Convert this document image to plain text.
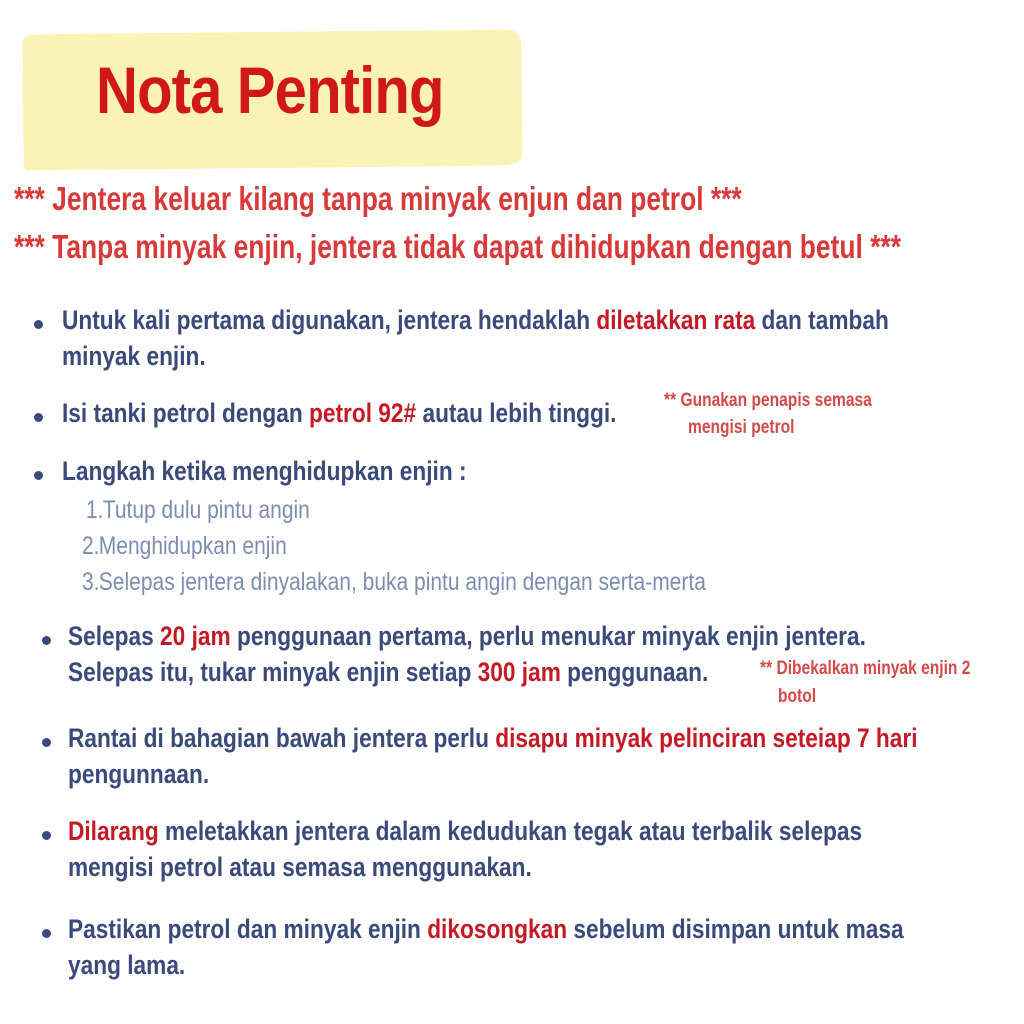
Nota Penting
*** Jentera keluar kilang tanpa minyak enjun dan petrol ***
*** Tanpa minyak enjin, jentera tidak dapat dihidupkan dengan betul ***
Untuk kali pertama digunakan, jentera hendaklah diletakkan rata dan tambah
minyak enjin.
Isi tanki petrol dengan petrol 92# autau lebih tinggi.	** Gunakan penapis semasa
mengisi petrol
Langkah ketika menghidupkan enjin :
1.Tutup dulu pintu angin
2.Menghidupkan enjin
3.Selepas jentera dinyalakan, buka pintu angin dengan serta-merta
Selepas 20 jam penggunaan pertama, perlu menukar minyak enjin jentera.
Selepas itu, tukar minyak enjin setiap 300 jam penggunaan.	** Dibekalkan minyak enjin 2
botol
Rantai di bahagian bawah jentera perlu disapu minyak pelinciran seteiap 7 hari
pengunnaan.
Dilarang meletakkan jentera dalam kedudukan tegak atau terbalik selepas
mengisi petrol atau semasa menggunakan.
Pastikan petrol dan minyak enjin dikosongkan sebelum disimpan untuk masa
yang lama.
